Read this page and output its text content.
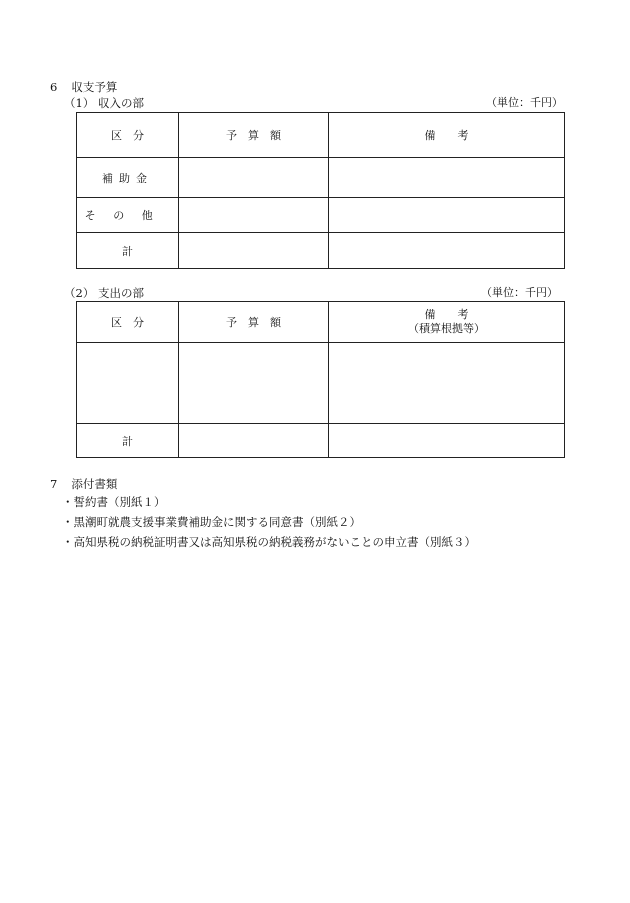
6 収支予算
（1） 収入の部	（単位：千円）
区　分	予　算　額	備　　考
補助金		
その他		
計		
（2） 支出の部	（単位：千円）
区　分	予　算　額	備　　考
（積算根拠等）

計		
7 添付書類
・誓約書（別紙１）
・黒潮町就農支援事業費補助金に関する同意書（別紙２）
・高知県税の納税証明書又は高知県税の納税義務がないことの申立書（別紙３）
